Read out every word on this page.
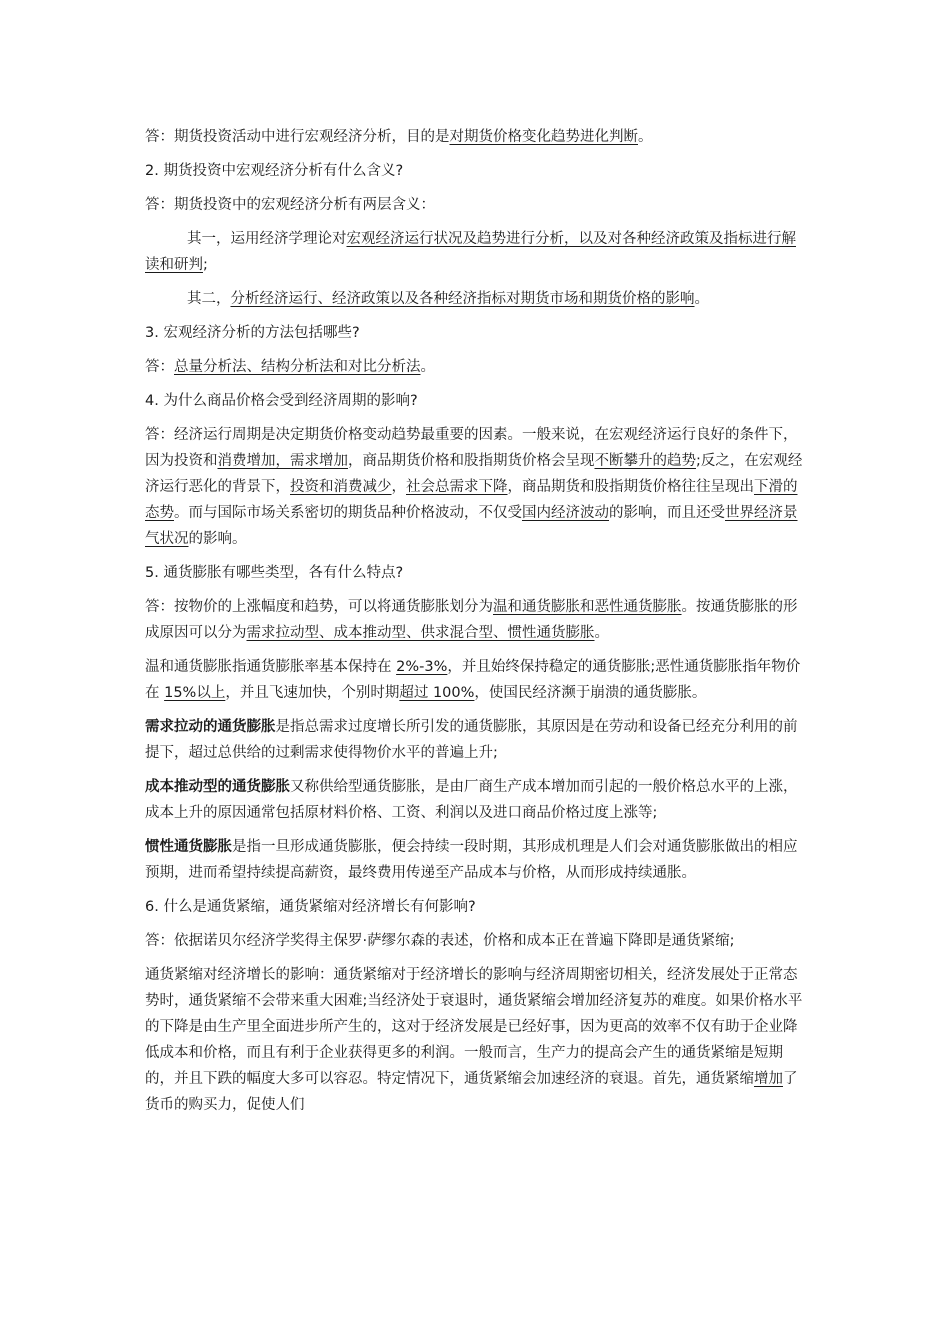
答：期货投资活动中进行宏观经济分析，目的是对期货价格变化趋势进化判断。

2. 期货投资中宏观经济分析有什么含义?

答：期货投资中的宏观经济分析有两层含义：

其一，运用经济学理论对宏观经济运行状况及趋势进行分析，以及对各种经济政策及指标进行解读和研判;

其二，分析经济运行、经济政策以及各种经济指标对期货市场和期货价格的影响。

3. 宏观经济分析的方法包括哪些?

答：总量分析法、结构分析法和对比分析法。

4. 为什么商品价格会受到经济周期的影响?

答：经济运行周期是决定期货价格变动趋势最重要的因素。一般来说，在宏观经济运行良好的条件下，因为投资和消费增加，需求增加，商品期货价格和股指期货价格会呈现不断攀升的趋势;反之，在宏观经济运行恶化的背景下，投资和消费减少，社会总需求下降，商品期货和股指期货价格往往呈现出下滑的态势。而与国际市场关系密切的期货品种价格波动，不仅受国内经济波动的影响，而且还受世界经济景气状况的影响。

5. 通货膨胀有哪些类型，各有什么特点?

答：按物价的上涨幅度和趋势，可以将通货膨胀划分为温和通货膨胀和恶性通货膨胀。按通货膨胀的形成原因可以分为需求拉动型、成本推动型、供求混合型、惯性通货膨胀。

温和通货膨胀指通货膨胀率基本保持在 2%-3%，并且始终保持稳定的通货膨胀;恶性通货膨胀指年物价在 15%以上，并且飞速加快，个别时期超过 100%，使国民经济濒于崩溃的通货膨胀。

需求拉动的通货膨胀是指总需求过度增长所引发的通货膨胀，其原因是在劳动和设备已经充分利用的前提下，超过总供给的过剩需求使得物价水平的普遍上升;

成本推动型的通货膨胀又称供给型通货膨胀，是由厂商生产成本增加而引起的一般价格总水平的上涨，成本上升的原因通常包括原材料价格、工资、利润以及进口商品价格过度上涨等;

惯性通货膨胀是指一旦形成通货膨胀，便会持续一段时期，其形成机理是人们会对通货膨胀做出的相应预期，进而希望持续提高薪资，最终费用传递至产品成本与价格，从而形成持续通胀。

6. 什么是通货紧缩，通货紧缩对经济增长有何影响?

答：依据诺贝尔经济学奖得主保罗·萨缪尔森的表述，价格和成本正在普遍下降即是通货紧缩;

通货紧缩对经济增长的影响：通货紧缩对于经济增长的影响与经济周期密切相关，经济发展处于正常态势时，通货紧缩不会带来重大困难;当经济处于衰退时，通货紧缩会增加经济复苏的难度。如果价格水平的下降是由生产里全面进步所产生的，这对于经济发展是已经好事，因为更高的效率不仅有助于企业降低成本和价格，而且有利于企业获得更多的利润。一般而言，生产力的提高会产生的通货紧缩是短期的，并且下跌的幅度大多可以容忍。特定情况下，通货紧缩会加速经济的衰退。首先，通货紧缩增加了货币的购买力，促使人们
